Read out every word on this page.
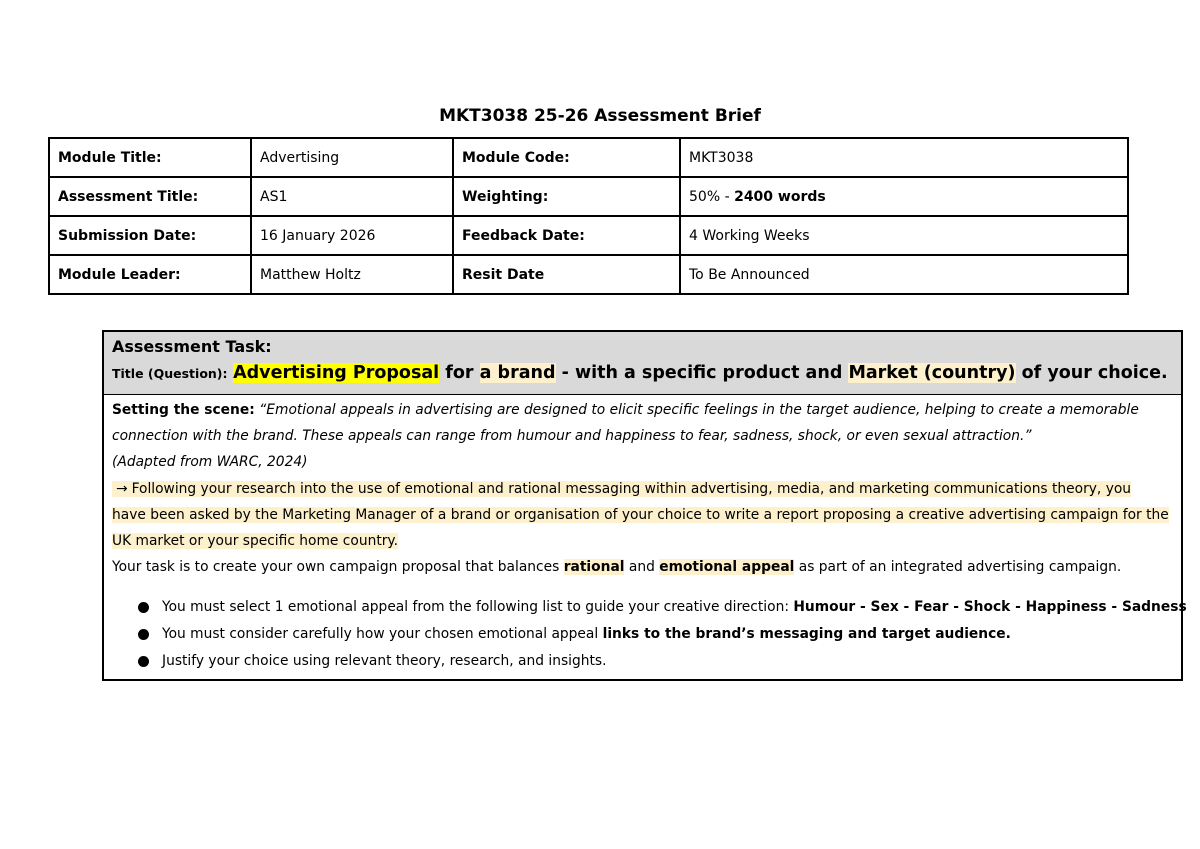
MKT3038 25-26 Assessment Brief
Module Title:	Advertising	Module Code:	MKT3038
Assessment Title:	AS1	Weighting:	50% - 2400 words
Submission Date:	16 January 2026	Feedback Date:	4 Working Weeks
Module Leader:	Matthew Holtz	Resit Date	To Be Announced
Assessment Task:
Title (Question): Advertising Proposal for a brand - with a specific product and Market (country) of your choice.
Setting the scene: “Emotional appeals in advertising are designed to elicit specific feelings in the target audience, helping to create a memorable
connection with the brand. These appeals can range from humour and happiness to fear, sadness, shock, or even sexual attraction.”
(Adapted from WARC, 2024)
→ Following your research into the use of emotional and rational messaging within advertising, media, and marketing communications theory, you
have been asked by the Marketing Manager of a brand or organisation of your choice to write a report proposing a creative advertising campaign for the
UK market or your specific home country.
Your task is to create your own campaign proposal that balances rational and emotional appeal as part of an integrated advertising campaign.
You must select 1 emotional appeal from the following list to guide your creative direction: Humour - Sex - Fear - Shock - Happiness - Sadness
You must consider carefully how your chosen emotional appeal links to the brand’s messaging and target audience.
Justify your choice using relevant theory, research, and insights.
